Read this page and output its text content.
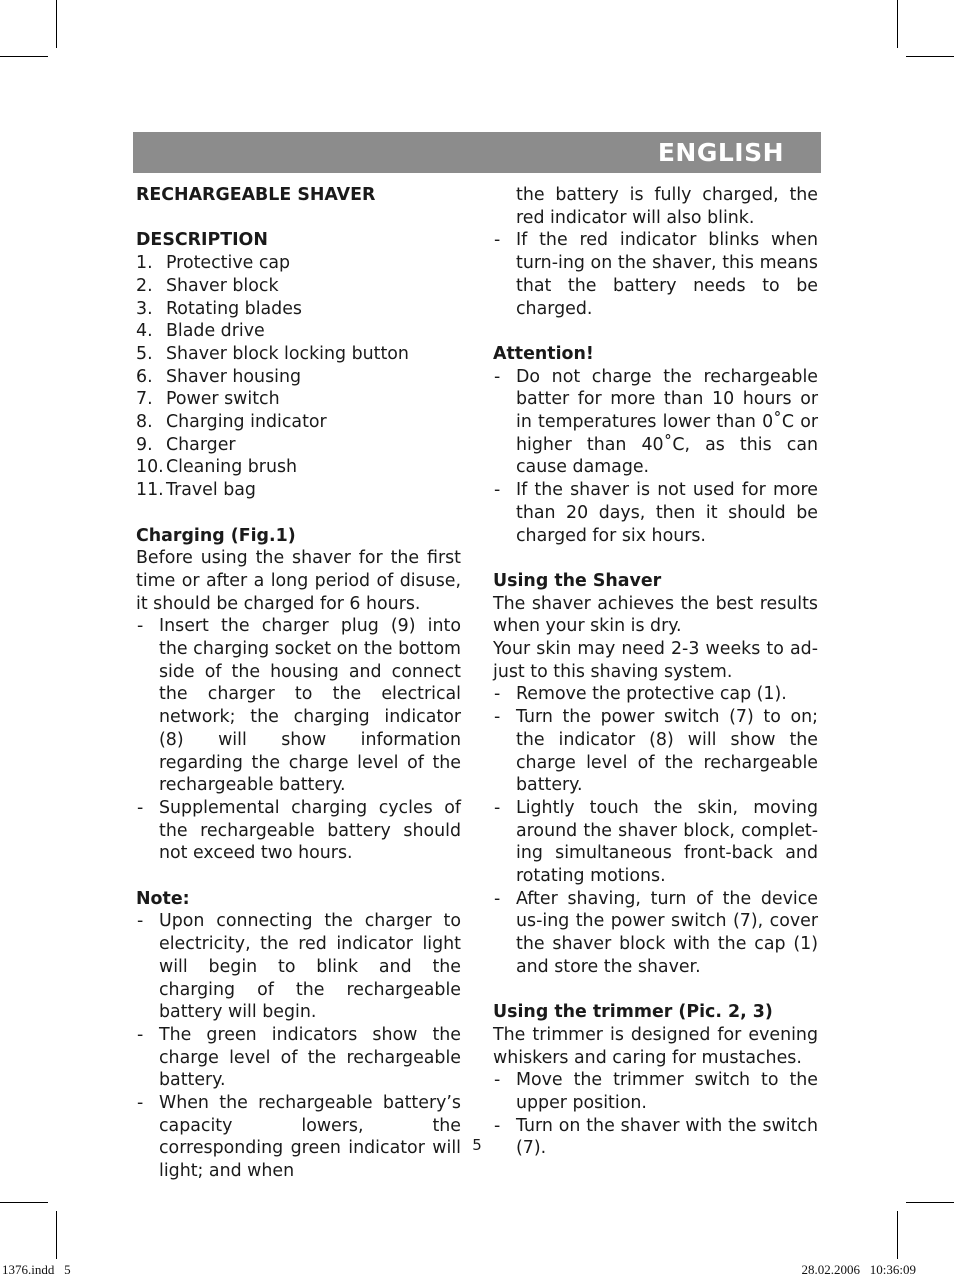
ENGLISH

RECHARGEABLE SHAVER

DESCRIPTION

1. Protective cap
2. Shaver block
3. Rotating blades
4. Blade drive
5. Shaver block locking button
6. Shaver housing
7. Power switch
8. Charging indicator
9. Charger
10. Cleaning brush
11. Travel bag

Charging (Fig.1)

Before using the shaver for the first time or after a long period of disuse, it should be charged for 6 hours.

- Insert the charger plug (9) into the charging socket on the bottom side of the housing and connect the charger to the electrical network; the charging indicator (8) will show information regarding the charge level of the rechargeable battery.
- Supplemental charging cycles of the rechargeable battery should not exceed two hours.

Note:

- Upon connecting the charger to electricity, the red indicator light will begin to blink and the charging of the rechargeable battery will begin.
- The green indicators show the charge level of the rechargeable battery.
- When the rechargeable battery’s capacity lowers, the corresponding green indicator will light; and when

the battery is fully charged, the red indicator will also blink.

- If the red indicator blinks when turn-ing on the shaver, this means that the battery needs to be charged.

Attention!

- Do not charge the rechargeable batter for more than 10 hours or in temperatures lower than 0˚C or higher than 40˚C, as this can cause damage.
- If the shaver is not used for more than 20 days, then it should be charged for six hours.

Using the Shaver

The shaver achieves the best results when your skin is dry.

Your skin may need 2-3 weeks to ad-just to this shaving system.

- Remove the protective cap (1).
- Turn the power switch (7) to on; the indicator (8) will show the charge level of the rechargeable battery.
- Lightly touch the skin, moving around the shaver block, complet-ing simultaneous front-back and rotating motions.
- After shaving, turn of the device us-ing the power switch (7), cover the shaver block with the cap (1) and store the shaver.

Using the trimmer (Pic. 2, 3)

The trimmer is designed for evening whiskers and caring for mustaches.

- Move the trimmer switch to the upper position.
- Turn on the shaver with the switch (7).
5
1376.indd   5	28.02.2006   10:36:09
